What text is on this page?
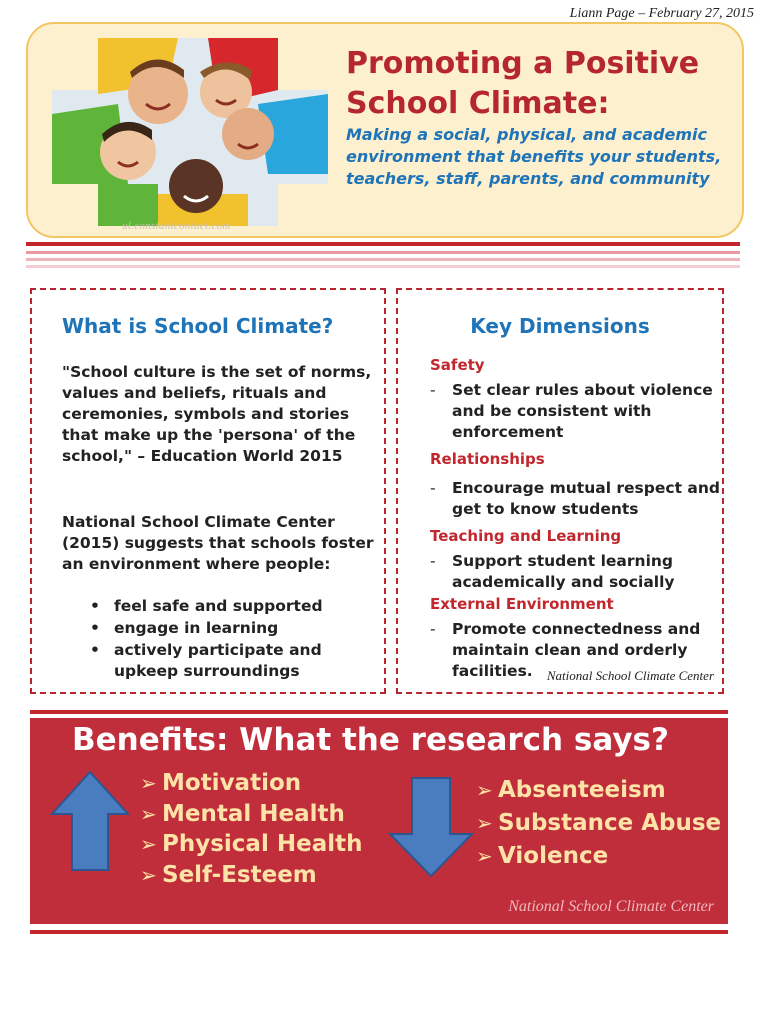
Liann Page – February 27, 2015
ul.constantcontact.com
Promoting a Positive School Climate:
Making a social, physical, and academic environment that benefits your students, teachers, staff, parents, and community
What is School Climate?
"School culture is the set of norms, values and beliefs, rituals and ceremonies, symbols and stories that make up the 'persona' of the school," – Education World 2015
National School Climate Center (2015) suggests that schools foster an environment where people:
• feel safe and supported
• engage in learning
• actively participate and upkeep surroundings
Key Dimensions
Safety
- Set clear rules about violence and be consistent with enforcement
Relationships
- Encourage mutual respect and get to know students
Teaching and Learning
- Support student learning academically and socially
External Environment
- Promote connectedness and maintain clean and orderly facilities.	National School Climate Center
Benefits: What the research says?
➢ Motivation
➢ Mental Health
➢ Physical Health
➢ Self-Esteem
➢ Absenteeism
➢ Substance Abuse
➢ Violence
National School Climate Center
